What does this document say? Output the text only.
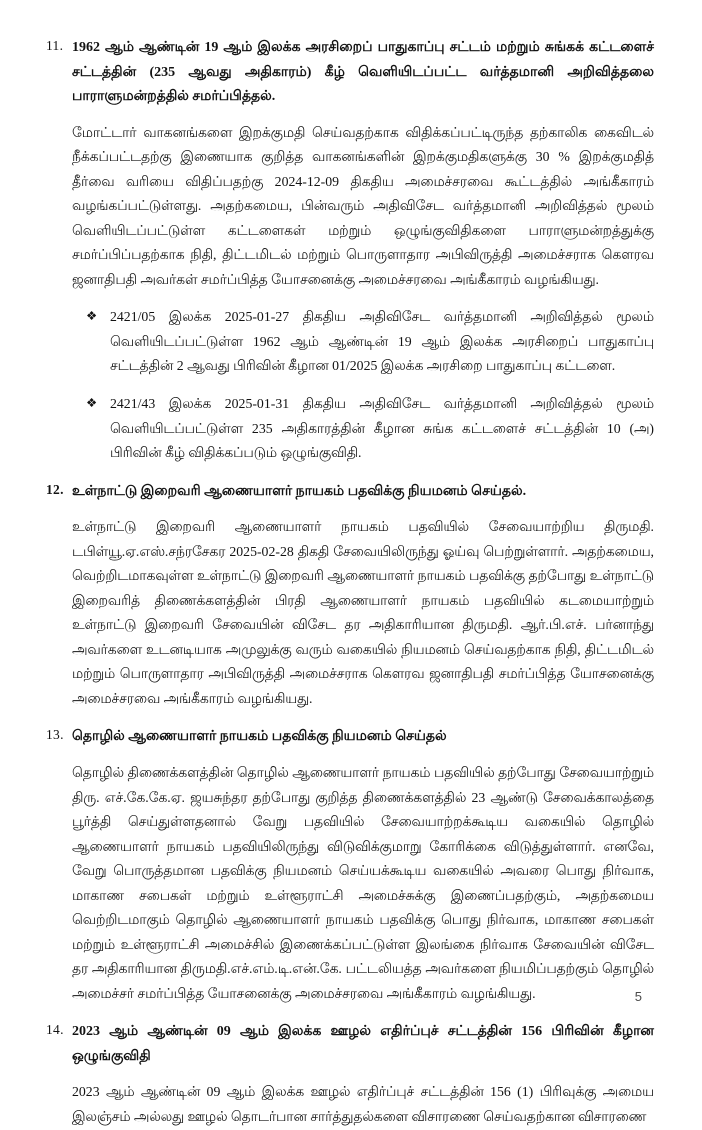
11. 1962 ஆம் ஆண்டின் 19 ஆம் இலக்க அரசிறைப் பாதுகாப்பு சட்டம் மற்றும் சுங்கக் கட்டளைச் சட்டத்தின் (235 ஆவது அதிகாரம்) கீழ் வெளியிடப்பட்ட வர்த்தமானி அறிவித்தலை பாராளுமன்றத்தில் சமர்ப்பித்தல்.

மோட்டார் வாகனங்களை இறக்குமதி செய்வதற்காக விதிக்கப்பட்டிருந்த தற்காலிக கைவிடல் நீக்கப்பட்டதற்கு இணையாக குறித்த வாகனங்களின் இறக்குமதிகளுக்கு 30 % இறக்குமதித் தீர்வை வரியை விதிப்பதற்கு 2024-12-09 திகதிய அமைச்சரவை கூட்டத்தில் அங்கீகாரம் வழங்கப்பட்டுள்ளது. அதற்கமைய, பின்வரும் அதிவிசேட வர்த்தமானி அறிவித்தல் மூலம் வெளியிடப்பட்டுள்ள கட்டளைகள் மற்றும் ஒழுங்குவிதிகளை பாராளுமன்றத்துக்கு சமர்ப்பிப்பதற்காக நிதி, திட்டமிடல் மற்றும் பொருளாதார அபிவிருத்தி அமைச்சராக கெளரவ ஜனாதிபதி அவர்கள் சமர்ப்பித்த யோசனைக்கு அமைச்சரவை அங்கீகாரம் வழங்கியது.

❖ 2421/05 இலக்க 2025-01-27 திகதிய அதிவிசேட வர்த்தமானி அறிவித்தல் மூலம் வெளியிடப்பட்டுள்ள 1962 ஆம் ஆண்டின் 19 ஆம் இலக்க அரசிறைப் பாதுகாப்பு சட்டத்தின் 2 ஆவது பிரிவின் கீழான 01/2025 இலக்க அரசிறை பாதுகாப்பு கட்டளை.
❖ 2421/43 இலக்க 2025-01-31 திகதிய அதிவிசேட வர்த்தமானி அறிவித்தல் மூலம் வெளியிடப்பட்டுள்ள 235 அதிகாரத்தின் கீழான சுங்க கட்டளைச் சட்டத்தின் 10 (அ) பிரிவின் கீழ் விதிக்கப்படும் ஒழுங்குவிதி.
12. உள்நாட்டு இறைவரி ஆணையாளர் நாயகம் பதவிக்கு நியமனம் செய்தல்.

உள்நாட்டு இறைவரி ஆணையாளர் நாயகம் பதவியில் சேவையாற்றிய திருமதி. டபிள்யூ.ஏ.எஸ்.சந்ரசேகர 2025-02-28 திகதி சேவையிலிருந்து ஓய்வு பெற்றுள்ளார். அதற்கமைய, வெற்றிடமாகவுள்ள உள்நாட்டு இறைவரி ஆணையாளர் நாயகம் பதவிக்கு தற்போது உள்நாட்டு இறைவரித் திணைக்களத்தின் பிரதி ஆணையாளர் நாயகம் பதவியில் கடமையாற்றும் உள்நாட்டு இறைவரி சேவையின் விசேட தர அதிகாரியான திருமதி. ஆர்.பி.எச். பர்னாந்து அவர்களை உடனடியாக அமுலுக்கு வரும் வகையில் நியமனம் செய்வதற்காக நிதி, திட்டமிடல் மற்றும் பொருளாதார அபிவிருத்தி அமைச்சராக கெளரவ ஜனாதிபதி சமர்ப்பித்த யோசனைக்கு அமைச்சரவை அங்கீகாரம் வழங்கியது.

13. தொழில் ஆணையாளர் நாயகம் பதவிக்கு நியமனம் செய்தல்

தொழில் திணைக்களத்தின் தொழில் ஆணையாளர் நாயகம் பதவியில் தற்போது சேவையாற்றும் திரு. எச்.கே.கே.ஏ. ஜயசுந்தர தற்போது குறித்த திணைக்களத்தில் 23 ஆண்டு சேவைக்காலத்தை பூர்த்தி செய்துள்ளதனால் வேறு பதவியில் சேவையாற்றக்கூடிய வகையில் தொழில் ஆணையாளர் நாயகம் பதவியிலிருந்து விடுவிக்குமாறு கோரிக்கை விடுத்துள்ளார். எனவே, வேறு பொருத்தமான பதவிக்கு நியமனம் செய்யக்கூடிய வகையில் அவரை பொது நிர்வாக, மாகாண சபைகள் மற்றும் உள்ளூராட்சி அமைச்சுக்கு இணைப்பதற்கும், அதற்கமைய வெற்றிடமாகும் தொழில் ஆணையாளர் நாயகம் பதவிக்கு பொது நிர்வாக, மாகாண சபைகள் மற்றும் உள்ளூராட்சி அமைச்சில் இணைக்கப்பட்டுள்ள இலங்கை நிர்வாக சேவையின் விசேட தர அதிகாரியான திருமதி.எச்.எம்.டி.என்.கே. பட்டலியத்த அவர்களை நியமிப்பதற்கும் தொழில் அமைச்சர் சமர்ப்பித்த யோசனைக்கு அமைச்சரவை அங்கீகாரம் வழங்கியது.

14. 2023 ஆம் ஆண்டின் 09 ஆம் இலக்க ஊழல் எதிர்ப்புச் சட்டத்தின் 156 பிரிவின் கீழான ஒழுங்குவிதி

2023 ஆம் ஆண்டின் 09 ஆம் இலக்க ஊழல் எதிர்ப்புச் சட்டத்தின் 156 (1) பிரிவுக்கு அமைய இலஞ்சம் அல்லது ஊழல் தொடர்பான சார்த்துதல்களை விசாரணை செய்வதற்கான விசாரணை

5
